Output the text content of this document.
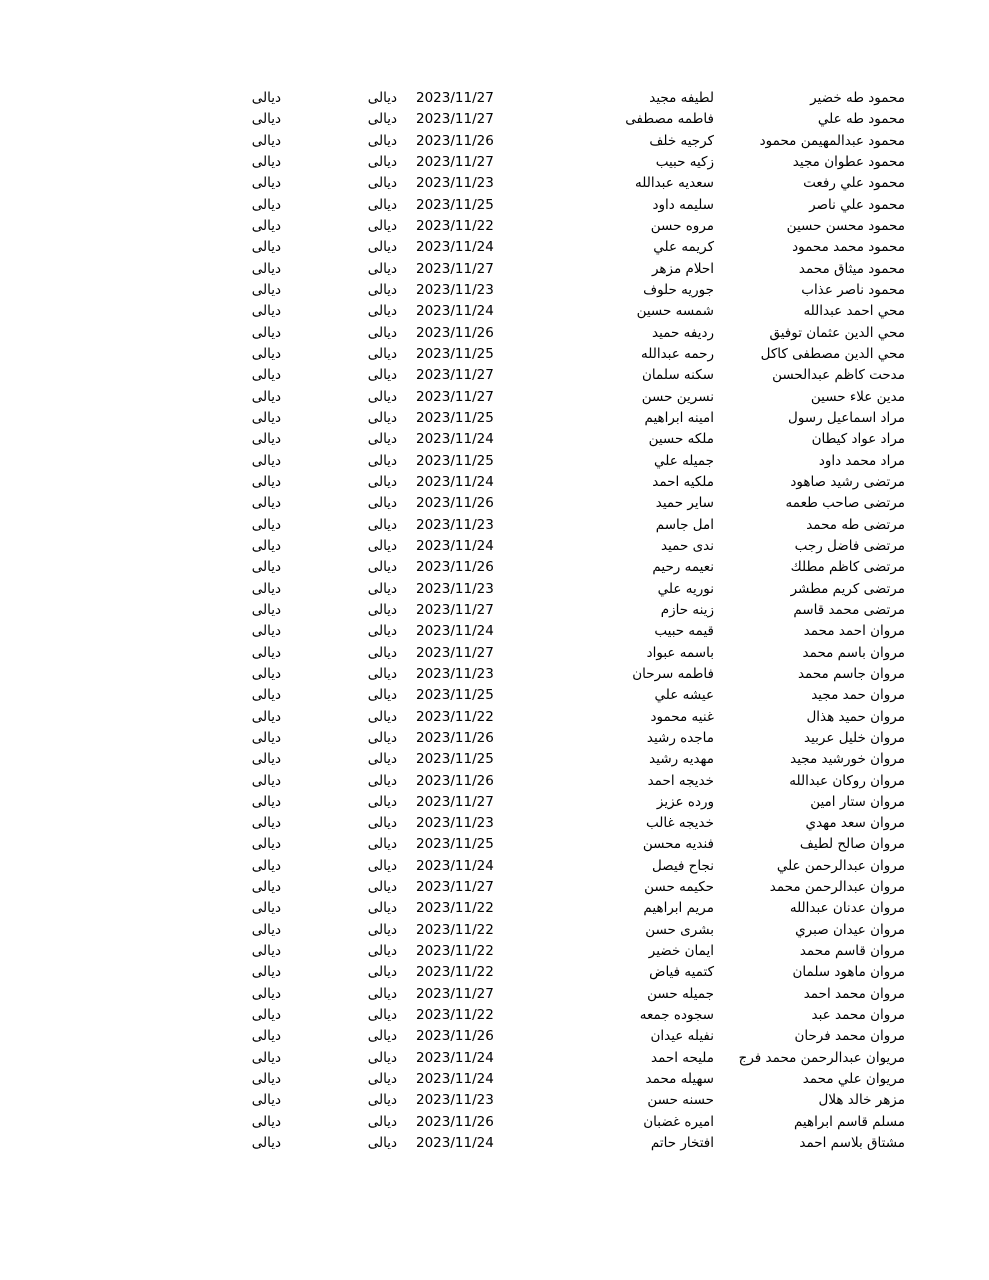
محمود طه خضير
لطيفه مجيد
2023/11/27
ديالى
ديالى
محمود طه علي
فاطمه مصطفى
2023/11/27
ديالى
ديالى
محمود عبدالمهيمن محمود
كرجيه خلف
2023/11/26
ديالى
ديالى
محمود عطوان مجيد
زكيه حبيب
2023/11/27
ديالى
ديالى
محمود علي رفعت
سعديه عبدالله
2023/11/23
ديالى
ديالى
محمود علي ناصر
سليمه داود
2023/11/25
ديالى
ديالى
محمود محسن حسين
مروه حسن
2023/11/22
ديالى
ديالى
محمود محمد محمود
كريمه علي
2023/11/24
ديالى
ديالى
محمود ميثاق محمد
احلام مزهر
2023/11/27
ديالى
ديالى
محمود ناصر عذاب
جوريه حلوف
2023/11/23
ديالى
ديالى
محي احمد عبدالله
شمسه حسين
2023/11/24
ديالى
ديالى
محي الدين عثمان توفيق
رديفه حميد
2023/11/26
ديالى
ديالى
محي الدين مصطفى كاكل
رحمه عبدالله
2023/11/25
ديالى
ديالى
مدحت كاظم عبدالحسن
سكنه سلمان
2023/11/27
ديالى
ديالى
مدين علاء حسين
نسرين حسن
2023/11/27
ديالى
ديالى
مراد اسماعيل رسول
امينه ابراهيم
2023/11/25
ديالى
ديالى
مراد عواد كيطان
ملكه حسين
2023/11/24
ديالى
ديالى
مراد محمد داود
جميله علي
2023/11/25
ديالى
ديالى
مرتضى رشيد صاهود
ملكيه احمد
2023/11/24
ديالى
ديالى
مرتضى صاحب طعمه
ساير حميد
2023/11/26
ديالى
ديالى
مرتضى طه محمد
امل جاسم
2023/11/23
ديالى
ديالى
مرتضى فاضل رجب
ندى حميد
2023/11/24
ديالى
ديالى
مرتضى كاظم مطلك
نعيمه رحيم
2023/11/26
ديالى
ديالى
مرتضى كريم مطشر
نوريه علي
2023/11/23
ديالى
ديالى
مرتضى محمد قاسم
زينه حازم
2023/11/27
ديالى
ديالى
مروان احمد محمد
قيمه حبيب
2023/11/24
ديالى
ديالى
مروان باسم محمد
باسمه عبواد
2023/11/27
ديالى
ديالى
مروان جاسم محمد
فاطمه سرحان
2023/11/23
ديالى
ديالى
مروان حمد مجيد
عيشه علي
2023/11/25
ديالى
ديالى
مروان حميد هذال
غنيه محمود
2023/11/22
ديالى
ديالى
مروان خليل عربيد
ماجده رشيد
2023/11/26
ديالى
ديالى
مروان خورشيد مجيد
مهديه رشيد
2023/11/25
ديالى
ديالى
مروان روكان عبدالله
خديجه احمد
2023/11/26
ديالى
ديالى
مروان ستار امين
ورده عزيز
2023/11/27
ديالى
ديالى
مروان سعد مهدي
خديجه غالب
2023/11/23
ديالى
ديالى
مروان صالح لطيف
فنديه محسن
2023/11/25
ديالى
ديالى
مروان عبدالرحمن علي
نجاح فيصل
2023/11/24
ديالى
ديالى
مروان عبدالرحمن محمد
حكيمه حسن
2023/11/27
ديالى
ديالى
مروان عدنان عبدالله
مريم ابراهيم
2023/11/22
ديالى
ديالى
مروان عيدان صبري
بشرى حسن
2023/11/22
ديالى
ديالى
مروان قاسم محمد
ايمان خضير
2023/11/22
ديالى
ديالى
مروان ماهود سلمان
كتميه فياض
2023/11/22
ديالى
ديالى
مروان محمد احمد
جميله حسن
2023/11/27
ديالى
ديالى
مروان محمد عبد
سجوده جمعه
2023/11/22
ديالى
ديالى
مروان محمد فرحان
نفيله عيدان
2023/11/26
ديالى
ديالى
مريوان عبدالرحمن محمد فرج
مليحه احمد
2023/11/24
ديالى
ديالى
مريوان علي محمد
سهيله محمد
2023/11/24
ديالى
ديالى
مزهر خالد هلال
حسنه حسن
2023/11/23
ديالى
ديالى
مسلم قاسم ابراهيم
اميره غضبان
2023/11/26
ديالى
ديالى
مشتاق بلاسم احمد
افتخار حاتم
2023/11/24
ديالى
ديالى
